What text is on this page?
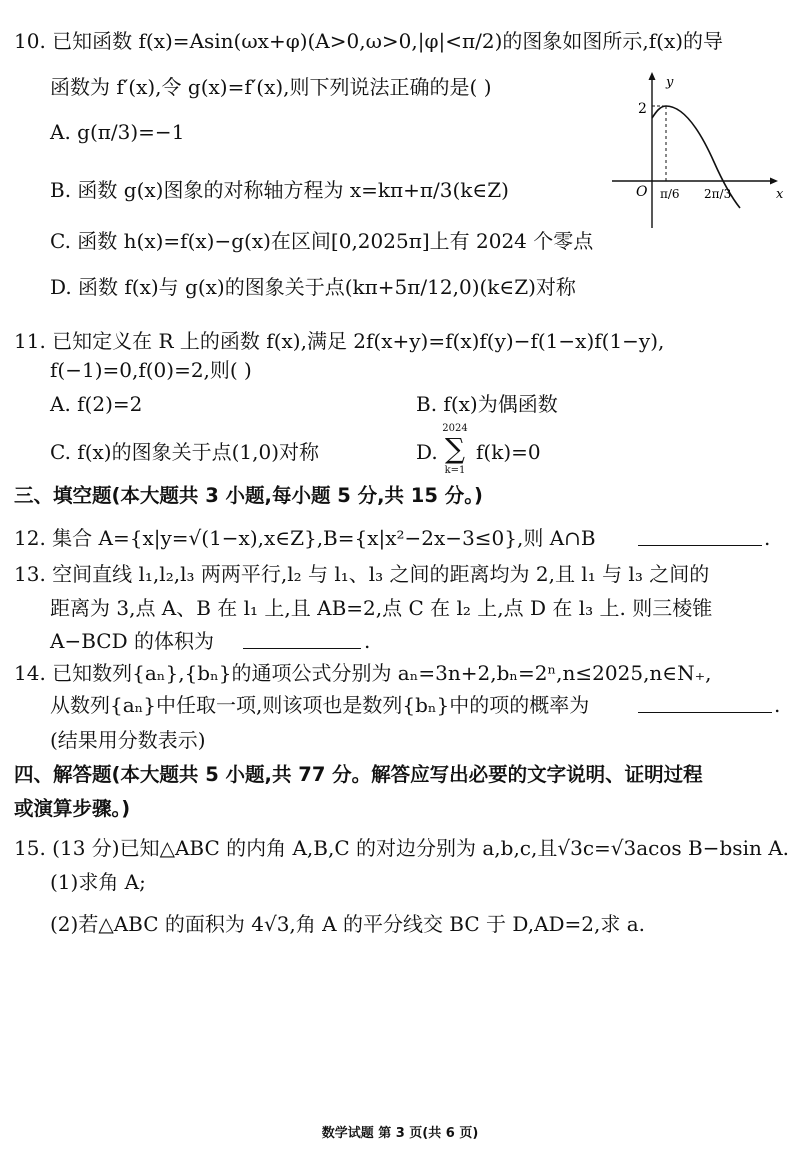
10. 已知函数 f(x)=Asin(ωx+φ)(A>0,ω>0,|φ|<π/2)的图象如图所示,f(x)的导
函数为 f′(x),令 g(x)=f′(x),则下列说法正确的是( )
A. g(π/3)=−1
B. 函数 g(x)图象的对称轴方程为 x=kπ+π/3(k∈Z)
C. 函数 h(x)=f(x)−g(x)在区间[0,2025π]上有 2024 个零点
D. 函数 f(x)与 g(x)的图象关于点(kπ+5π/12,0)(k∈Z)对称
y
x
O
2
π/6 2π/3
11. 已知定义在 R 上的函数 f(x),满足 2f(x+y)=f(x)f(y)−f(1−x)f(1−y),
f(−1)=0,f(0)=2,则( )
A. f(2)=2	B. f(x)为偶函数
C. f(x)的图象关于点(1,0)对称	D.
2024
∑
k=1
f(k)=0
三、填空题(本大题共 3 小题,每小题 5 分,共 15 分。)
12. 集合 A={x|y=√(1−x),x∈Z},B={x|x²−2x−3≤0},则 A∩B	.
13. 空间直线 l₁,l₂,l₃ 两两平行,l₂ 与 l₁、l₃ 之间的距离均为 2,且 l₁ 与 l₃ 之间的
距离为 3,点 A、B 在 l₁ 上,且 AB=2,点 C 在 l₂ 上,点 D 在 l₃ 上. 则三棱锥
A−BCD 的体积为	.
14. 已知数列{aₙ},{bₙ}的通项公式分别为 aₙ=3n+2,bₙ=2ⁿ,n≤2025,n∈N₊,
从数列{aₙ}中任取一项,则该项也是数列{bₙ}中的项的概率为	.
(结果用分数表示)
四、解答题(本大题共 5 小题,共 77 分。解答应写出必要的文字说明、证明过程
或演算步骤。)
15. (13 分)已知△ABC 的内角 A,B,C 的对边分别为 a,b,c,且√3c=√3acos B−bsin A.
(1)求角 A;
(2)若△ABC 的面积为 4√3,角 A 的平分线交 BC 于 D,AD=2,求 a.
数学试题 第 3 页(共 6 页)
